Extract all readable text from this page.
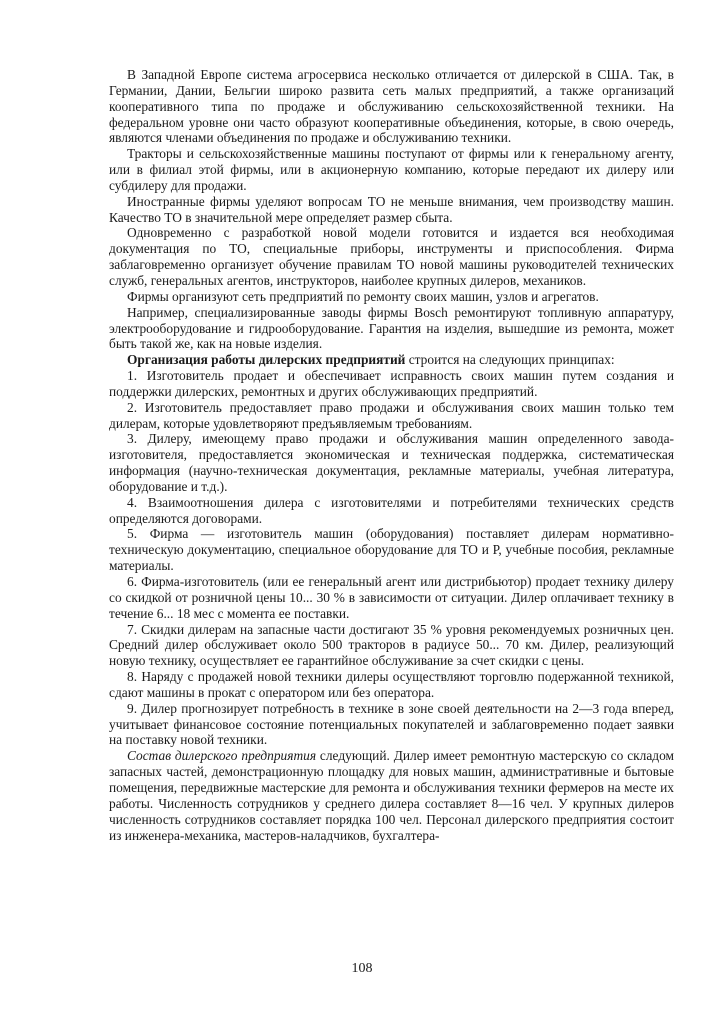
В Западной Европе система агросервиса несколько отличается от дилерской в США. Так, в Германии, Дании, Бельгии широко развита сеть малых предприятий, а также организаций кооперативного типа по продаже и обслуживанию сельскохозяйственной техники. На федеральном уровне они часто образуют кооперативные объединения, которые, в свою очередь, являются членами объединения по продаже и обслуживанию техники.

Тракторы и сельскохозяйственные машины поступают от фирмы или к генеральному агенту, или в филиал этой фирмы, или в акционерную компанию, которые передают их дилеру или субдилеру для продажи.

Иностранные фирмы уделяют вопросам ТО не меньше внимания, чем производству машин. Качество ТО в значительной мере определяет размер сбыта.

Одновременно с разработкой новой модели готовится и издается вся необходимая документация по ТО, специальные приборы, инструменты и приспособления. Фирма заблаговременно организует обучение правилам ТО новой машины руководителей технических служб, генеральных агентов, инструкторов, наиболее крупных дилеров, механиков.

Фирмы организуют сеть предприятий по ремонту своих машин, узлов и агрегатов.

Например, специализированные заводы фирмы Bosch ремонтируют топливную аппаратуру, электрооборудование и гидрооборудование. Гарантия на изделия, вышедшие из ремонта, может быть такой же, как на новые изделия.

Организация работы дилерских предприятий строится на следующих принципах:

1. Изготовитель продает и обеспечивает исправность своих машин путем создания и поддержки дилерских, ремонтных и других обслуживающих предприятий.

2. Изготовитель предоставляет право продажи и обслуживания своих машин только тем дилерам, которые удовлетворяют предъявляемым требованиям.

3. Дилеру, имеющему право продажи и обслуживания машин определенного завода-изготовителя, предоставляется экономическая и техническая поддержка, систематическая информация (научно-техническая документация, рекламные материалы, учебная литература, оборудование и т.д.).

4. Взаимоотношения дилера с изготовителями и потребителями технических средств определяются договорами.

5. Фирма — изготовитель машин (оборудования) поставляет дилерам нормативно-техническую документацию, специальное оборудование для ТО и Р, учебные пособия, рекламные материалы.

6. Фирма-изготовитель (или ее генеральный агент или дистрибьютор) продает технику дилеру со скидкой от розничной цены 10... 30 % в зависимости от ситуации. Дилер оплачивает технику в течение 6... 18 мес с момента ее поставки.

7. Скидки дилерам на запасные части достигают 35 % уровня рекомендуемых розничных цен. Средний дилер обслуживает около 500 тракторов в радиусе 50... 70 км. Дилер, реализующий новую технику, осуществляет ее гарантийное обслуживание за счет скидки с цены.

8. Наряду с продажей новой техники дилеры осуществляют торговлю подержанной техникой, сдают машины в прокат с оператором или без оператора.

9. Дилер прогнозирует потребность в технике в зоне своей деятельности на 2—3 года вперед, учитывает финансовое состояние потенциальных покупателей и заблаговременно подает заявки на поставку новой техники.

Состав дилерского предприятия следующий. Дилер имеет ремонтную мастерскую со складом запасных частей, демонстрационную площадку для новых машин, административные и бытовые помещения, передвижные мастерские для ремонта и обслуживания техники фермеров на месте их работы. Численность сотрудников у среднего дилера составляет 8—16 чел. У крупных дилеров численность сотрудников составляет порядка 100 чел. Персонал дилерского предприятия состоит из инженера-механика, мастеров-наладчиков, бухгалтера-

108
